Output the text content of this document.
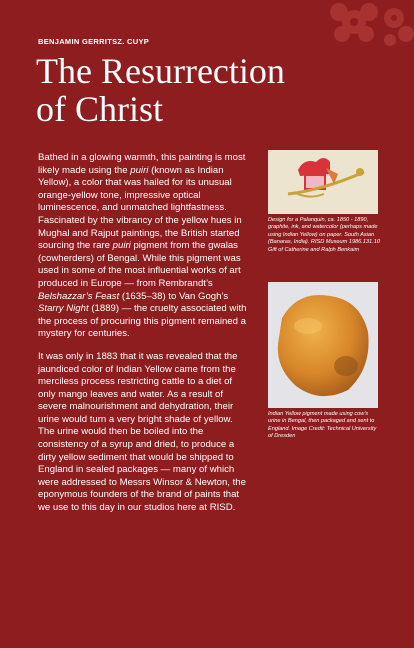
BENJAMIN GERRITSZ. CUYP
The Resurrection
of Christ

Bathed in a glowing warmth, this painting is most likely made using the puiri (known as Indian Yellow), a color that was hailed for its unusual orange-yellow tone, impressive optical luminescence, and unmatched lightfastness. Fascinated by the vibrancy of the yellow hues in Mughal and Rajput paintings, the British started sourcing the rare puiri pigment from the gwalas (cowherders) of Bengal. While this pigment was used in some of the most influential works of art produced in Europe — from Rembrandt’s Belshazzar’s Feast (1635–38) to Van Gogh’s Starry Night (1889) — the cruelty associated with the process of procuring this pigment remained a mystery for centuries.

It was only in 1883 that it was revealed that the jaundiced color of Indian Yellow came from the merciless process restricting cattle to a diet of only mango leaves and water. As a result of severe malnourishment and dehydration, their urine would turn a very bright shade of yellow. The urine would then be boiled into the consistency of a syrup and dried, to produce a dirty yellow sediment that would be shipped to England in sealed packages — many of which were addressed to Messrs Winsor & Newton, the eponymous founders of the brand of paints that we use to this day in our studios here at RISD.

Design for a Palanquin, ca. 1850 - 1890, graphite, ink, and watercolor (perhaps made using Indian Yellow) on paper. South Asian (Banaras, India). RISD Museum 1986.131.10 Gift of Catherine and Ralph Benkaim
Indian Yellow pigment made using cow’s urine in Bengal, then packaged and sent to England. Image Credit: Technical University of Dresden
